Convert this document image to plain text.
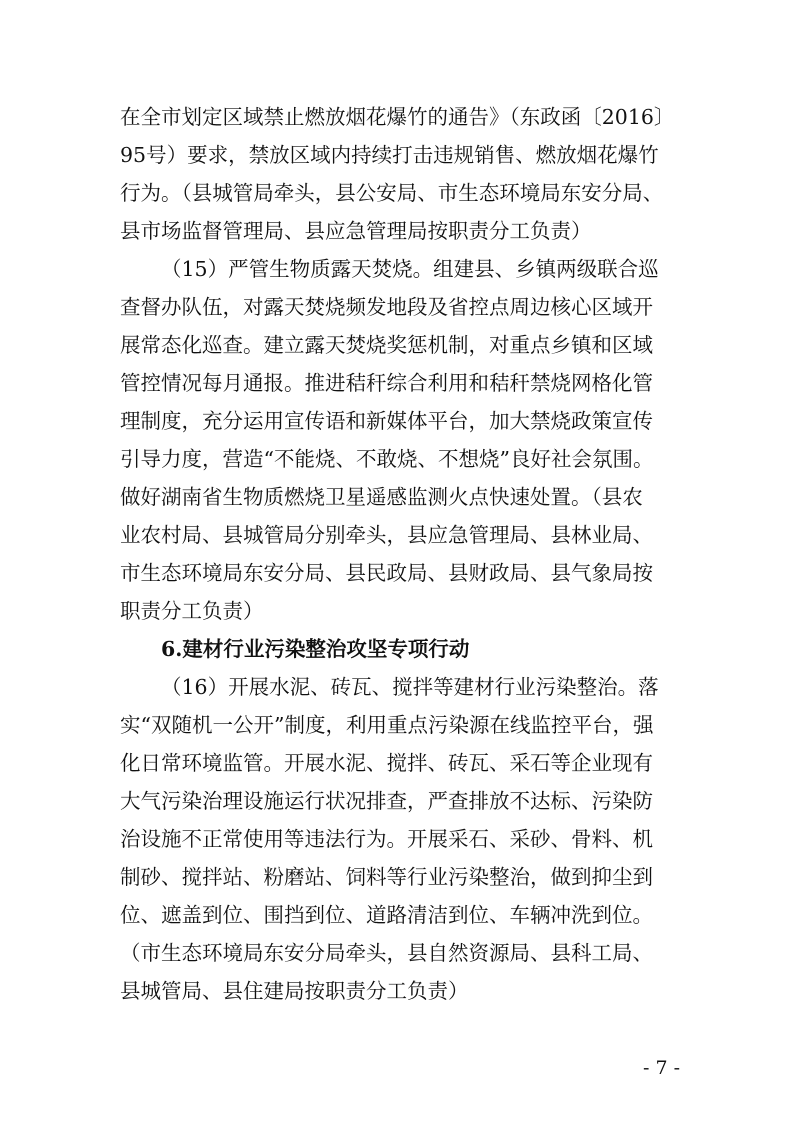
在全市划定区域禁止燃放烟花爆竹的通告》（东政函〔2016〕
95号）要求，禁放区域内持续打击违规销售、燃放烟花爆竹
行为。（县城管局牵头，县公安局、市生态环境局东安分局、
县市场监督管理局、县应急管理局按职责分工负责）
（15）严管生物质露天焚烧。组建县、乡镇两级联合巡
查督办队伍，对露天焚烧频发地段及省控点周边核心区域开
展常态化巡查。建立露天焚烧奖惩机制，对重点乡镇和区域
管控情况每月通报。推进秸秆综合利用和秸秆禁烧网格化管
理制度，充分运用宣传语和新媒体平台，加大禁烧政策宣传
引导力度，营造“不能烧、不敢烧、不想烧”良好社会氛围。
做好湖南省生物质燃烧卫星遥感监测火点快速处置。（县农
业农村局、县城管局分别牵头，县应急管理局、县林业局、
市生态环境局东安分局、县民政局、县财政局、县气象局按
职责分工负责）
6.建材行业污染整治攻坚专项行动
（16）开展水泥、砖瓦、搅拌等建材行业污染整治。落
实“双随机一公开”制度，利用重点污染源在线监控平台，强
化日常环境监管。开展水泥、搅拌、砖瓦、采石等企业现有
大气污染治理设施运行状况排查，严查排放不达标、污染防
治设施不正常使用等违法行为。开展采石、采砂、骨料、机
制砂、搅拌站、粉磨站、饲料等行业污染整治，做到抑尘到
位、遮盖到位、围挡到位、道路清洁到位、车辆冲洗到位。
（市生态环境局东安分局牵头，县自然资源局、县科工局、
县城管局、县住建局按职责分工负责）
- 7 -
